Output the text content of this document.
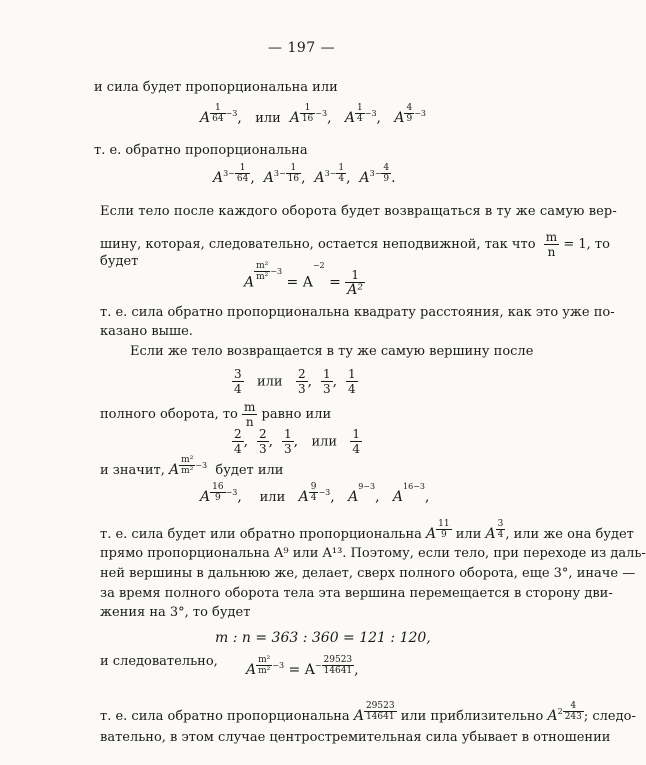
— 197 —
и сила будет пропорциональна или
A $^{\frac{1}{64} -3}$, или A $^{\frac{1}{16} -3}$, A $^{\frac{1}{4} -3}$, A $^{\frac{4}{9} -3}$
т. е. обратно пропорциональна
$A^{3- \frac{1}{64}}$ , $A^{3- \frac{1}{16}}$ , $A^{3- \frac{1}{4}}$ , $A^{3- \frac{4}{9}}$ .
Если тело после каждого оборота будет возвращаться в ту же самую вер-
шину, которая, следовательно, остается неподвижной, так что $\frac{m}{n} = 1$, то
будет
A
$^{\frac{\text{m²}}{\text{m²}} -3} = A^{-2} = \frac{1}{\text{A²}}$
т. е. сила обратно пропорциональна квадрату расстояния, как это уже по-
казано выше.
Если же тело возвращается в ту же самую вершину после
$\frac{3}{4}$ или $\frac{2}{3}$ , $\frac{1}{3}$ , $\frac{1}{4}$
полного оборота, то $\frac{m}{n}$ равно или
$\frac{2}{4}$ , $\frac{2}{3}$ , $\frac{1}{3}$ , или $\frac{1}{4}$
и значит, A $^{\frac{\text{m²}}{\text{m²}} -3}$ будет или
A $^{\frac{16}{9} -3}$, или A $^{\frac{9}{4} -3}$, $A^{9-3}$, $A^{16-3}$,
т. е. сила будет или обратно пропорциональна A $^{\frac{11}{9}}$ или A $^{\frac{3}{4}}$ , или же она будет
прямо пропорциональна A⁹ или A¹³. Поэтому, если тело, при переходе из даль-
ней вершины в дальнюю же, делает, сверх полного оборота, еще 3°, иначе —
за время полного оборота тела эта вершина перемещается в сторону дви-
жения на 3°, то будет
m : n = 363 : 360 = 121 : 120,
и следовательно,
A $^{\frac{\text{m²}}{\text{m²}} -3} = A^{- \frac{29523}{14641}}$ ,
т. е. сила обратно пропорциональна A $^{\frac{29523}{14641}}$ или приблизительно $A^{2 \frac{4}{243}}$ ; следо-
вательно, в этом случае центростремительная сила убывает в отношении
